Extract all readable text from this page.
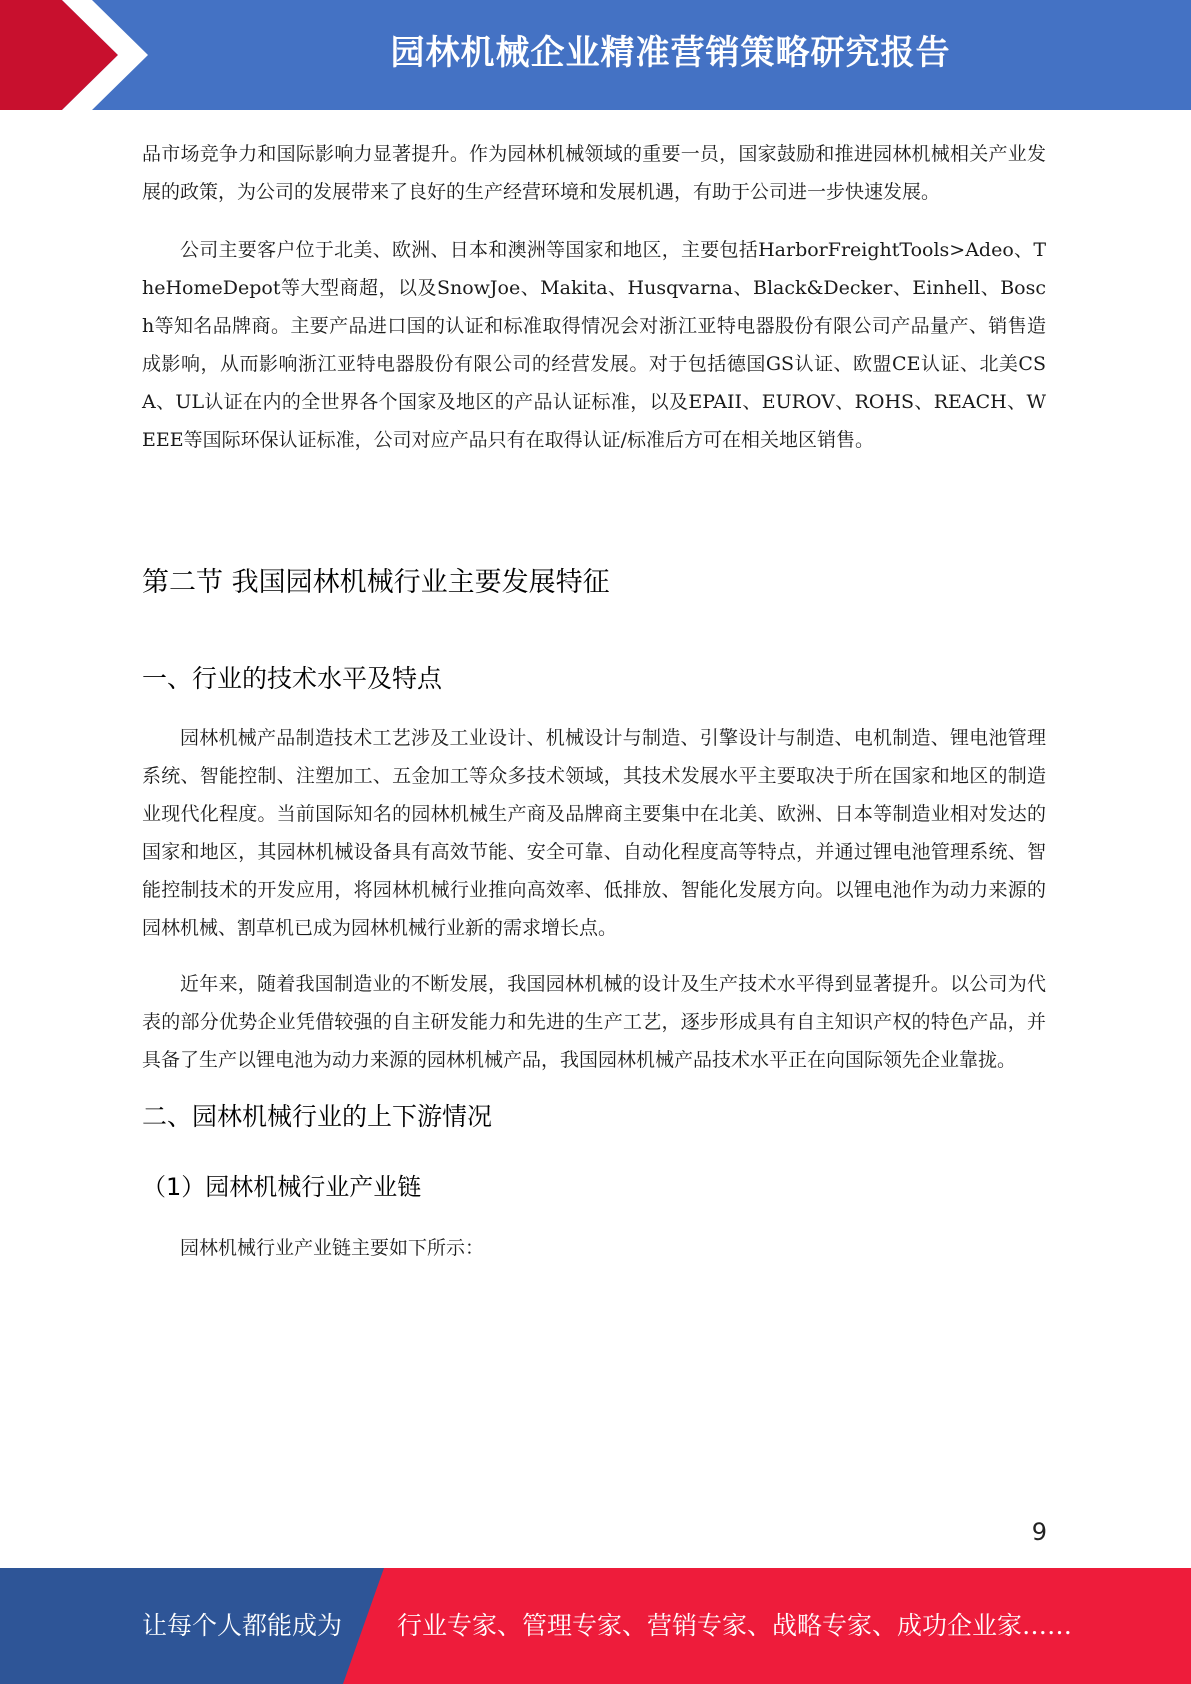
园林机械企业精准营销策略研究报告

品市场竞争力和国际影响力显著提升。作为园林机械领域的重要一员，国家鼓励和推进园林机械相关产业发展的政策，为公司的发展带来了良好的生产经营环境和发展机遇，有助于公司进一步快速发展。

公司主要客户位于北美、欧洲、日本和澳洲等国家和地区，主要包括HarborFreightTools>Adeo、TheHomeDepot等大型商超，以及SnowJoe、Makita、Husqvarna、Black&Decker、Einhell、Bosch等知名品牌商。主要产品进口国的认证和标准取得情况会对浙江亚特电器股份有限公司产品量产、销售造成影响，从而影响浙江亚特电器股份有限公司的经营发展。对于包括德国GS认证、欧盟CE认证、北美CSA、UL认证在内的全世界各个国家及地区的产品认证标准，以及EPAII、EUROV、ROHS、REACH、WEEE等国际环保认证标准，公司对应产品只有在取得认证/标准后方可在相关地区销售。

第二节 我国园林机械行业主要发展特征
一、行业的技术水平及特点

园林机械产品制造技术工艺涉及工业设计、机械设计与制造、引擎设计与制造、电机制造、锂电池管理系统、智能控制、注塑加工、五金加工等众多技术领域，其技术发展水平主要取决于所在国家和地区的制造业现代化程度。当前国际知名的园林机械生产商及品牌商主要集中在北美、欧洲、日本等制造业相对发达的国家和地区，其园林机械设备具有高效节能、安全可靠、自动化程度高等特点，并通过锂电池管理系统、智能控制技术的开发应用，将园林机械行业推向高效率、低排放、智能化发展方向。以锂电池作为动力来源的园林机械、割草机已成为园林机械行业新的需求增长点。

近年来，随着我国制造业的不断发展，我国园林机械的设计及生产技术水平得到显著提升。以公司为代表的部分优势企业凭借较强的自主研发能力和先进的生产工艺，逐步形成具有自主知识产权的特色产品，并具备了生产以锂电池为动力来源的园林机械产品，我国园林机械产品技术水平正在向国际领先企业靠拢。

二、园林机械行业的上下游情况
（1）园林机械行业产业链

园林机械行业产业链主要如下所示：

9
让每个人都能成为 行业专家、管理专家、营销专家、战略专家、成功企业家……
